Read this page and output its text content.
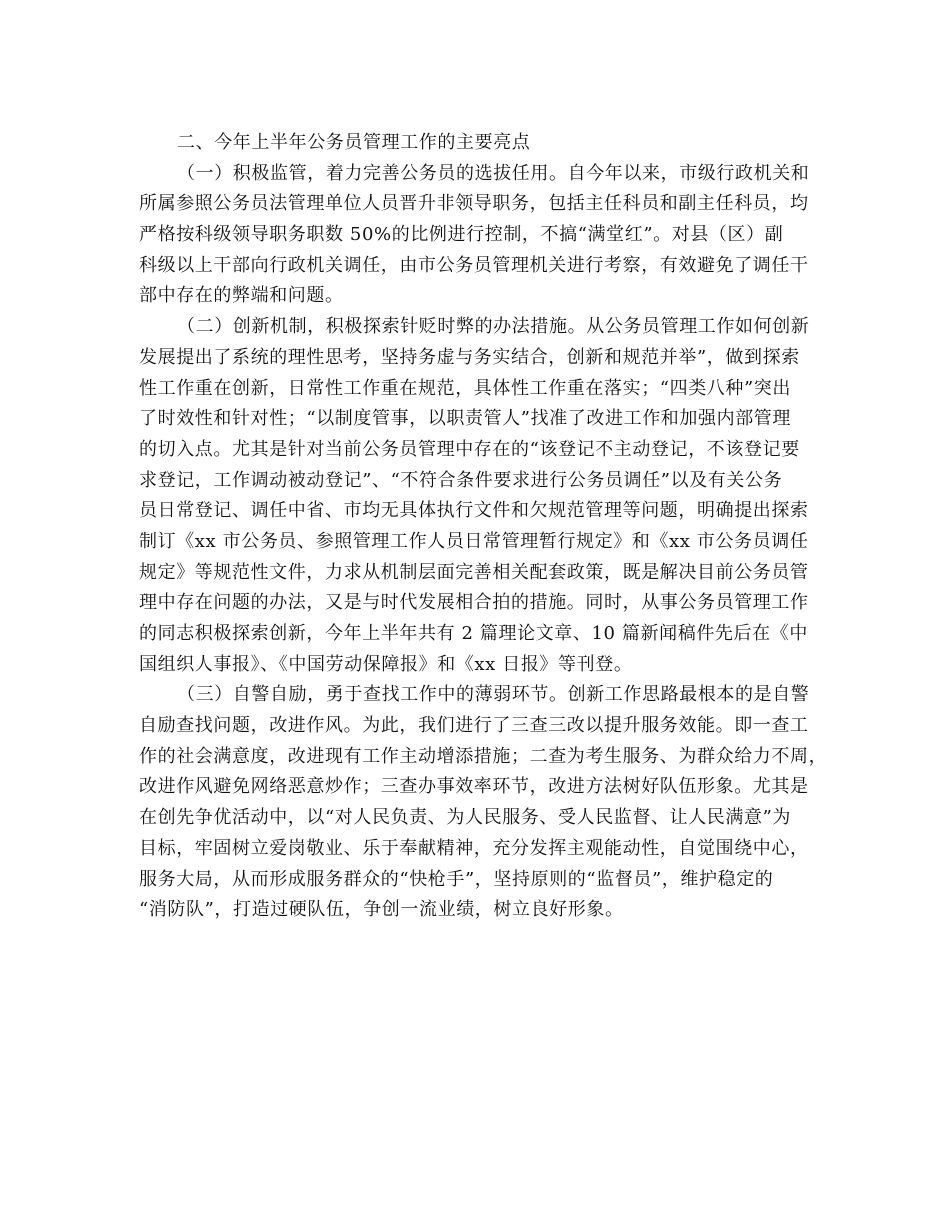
二、今年上半年公务员管理工作的主要亮点
（一）积极监管，着力完善公务员的选拔任用。自今年以来，市级行政机关和
所属参照公务员法管理单位人员晋升非领导职务，包括主任科员和副主任科员，均
严格按科级领导职务职数 50%的比例进行控制，不搞“满堂红”。对县（区）副
科级以上干部向行政机关调任，由市公务员管理机关进行考察，有效避免了调任干
部中存在的弊端和问题。
（二）创新机制，积极探索针贬时弊的办法措施。从公务员管理工作如何创新
发展提出了系统的理性思考，坚持务虚与务实结合，创新和规范并举”，做到探索
性工作重在创新，日常性工作重在规范，具体性工作重在落实；“四类八种”突出
了时效性和针对性；“以制度管事，以职责管人”找准了改进工作和加强内部管理
的切入点。尤其是针对当前公务员管理中存在的“该登记不主动登记，不该登记要
求登记，工作调动被动登记”、“不符合条件要求进行公务员调任”以及有关公务
员日常登记、调任中省、市均无具体执行文件和欠规范管理等问题，明确提出探索
制订《xx 市公务员、参照管理工作人员日常管理暂行规定》和《xx 市公务员调任
规定》等规范性文件，力求从机制层面完善相关配套政策，既是解决目前公务员管
理中存在问题的办法，又是与时代发展相合拍的措施。同时，从事公务员管理工作
的同志积极探索创新，今年上半年共有 2 篇理论文章、10 篇新闻稿件先后在《中
国组织人事报》、《中国劳动保障报》和《xx 日报》等刊登。
（三）自警自励，勇于查找工作中的薄弱环节。创新工作思路最根本的是自警
自励查找问题，改进作风。为此，我们进行了三查三改以提升服务效能。即一查工
作的社会满意度，改进现有工作主动增添措施；二查为考生服务、为群众给力不周，
改进作风避免网络恶意炒作；三查办事效率环节，改进方法树好队伍形象。尤其是
在创先争优活动中，以“对人民负责、为人民服务、受人民监督、让人民满意”为
目标，牢固树立爱岗敬业、乐于奉献精神，充分发挥主观能动性，自觉围绕中心，
服务大局，从而形成服务群众的“快枪手”，坚持原则的“监督员”，维护稳定的
“消防队”，打造过硬队伍，争创一流业绩，树立良好形象。
